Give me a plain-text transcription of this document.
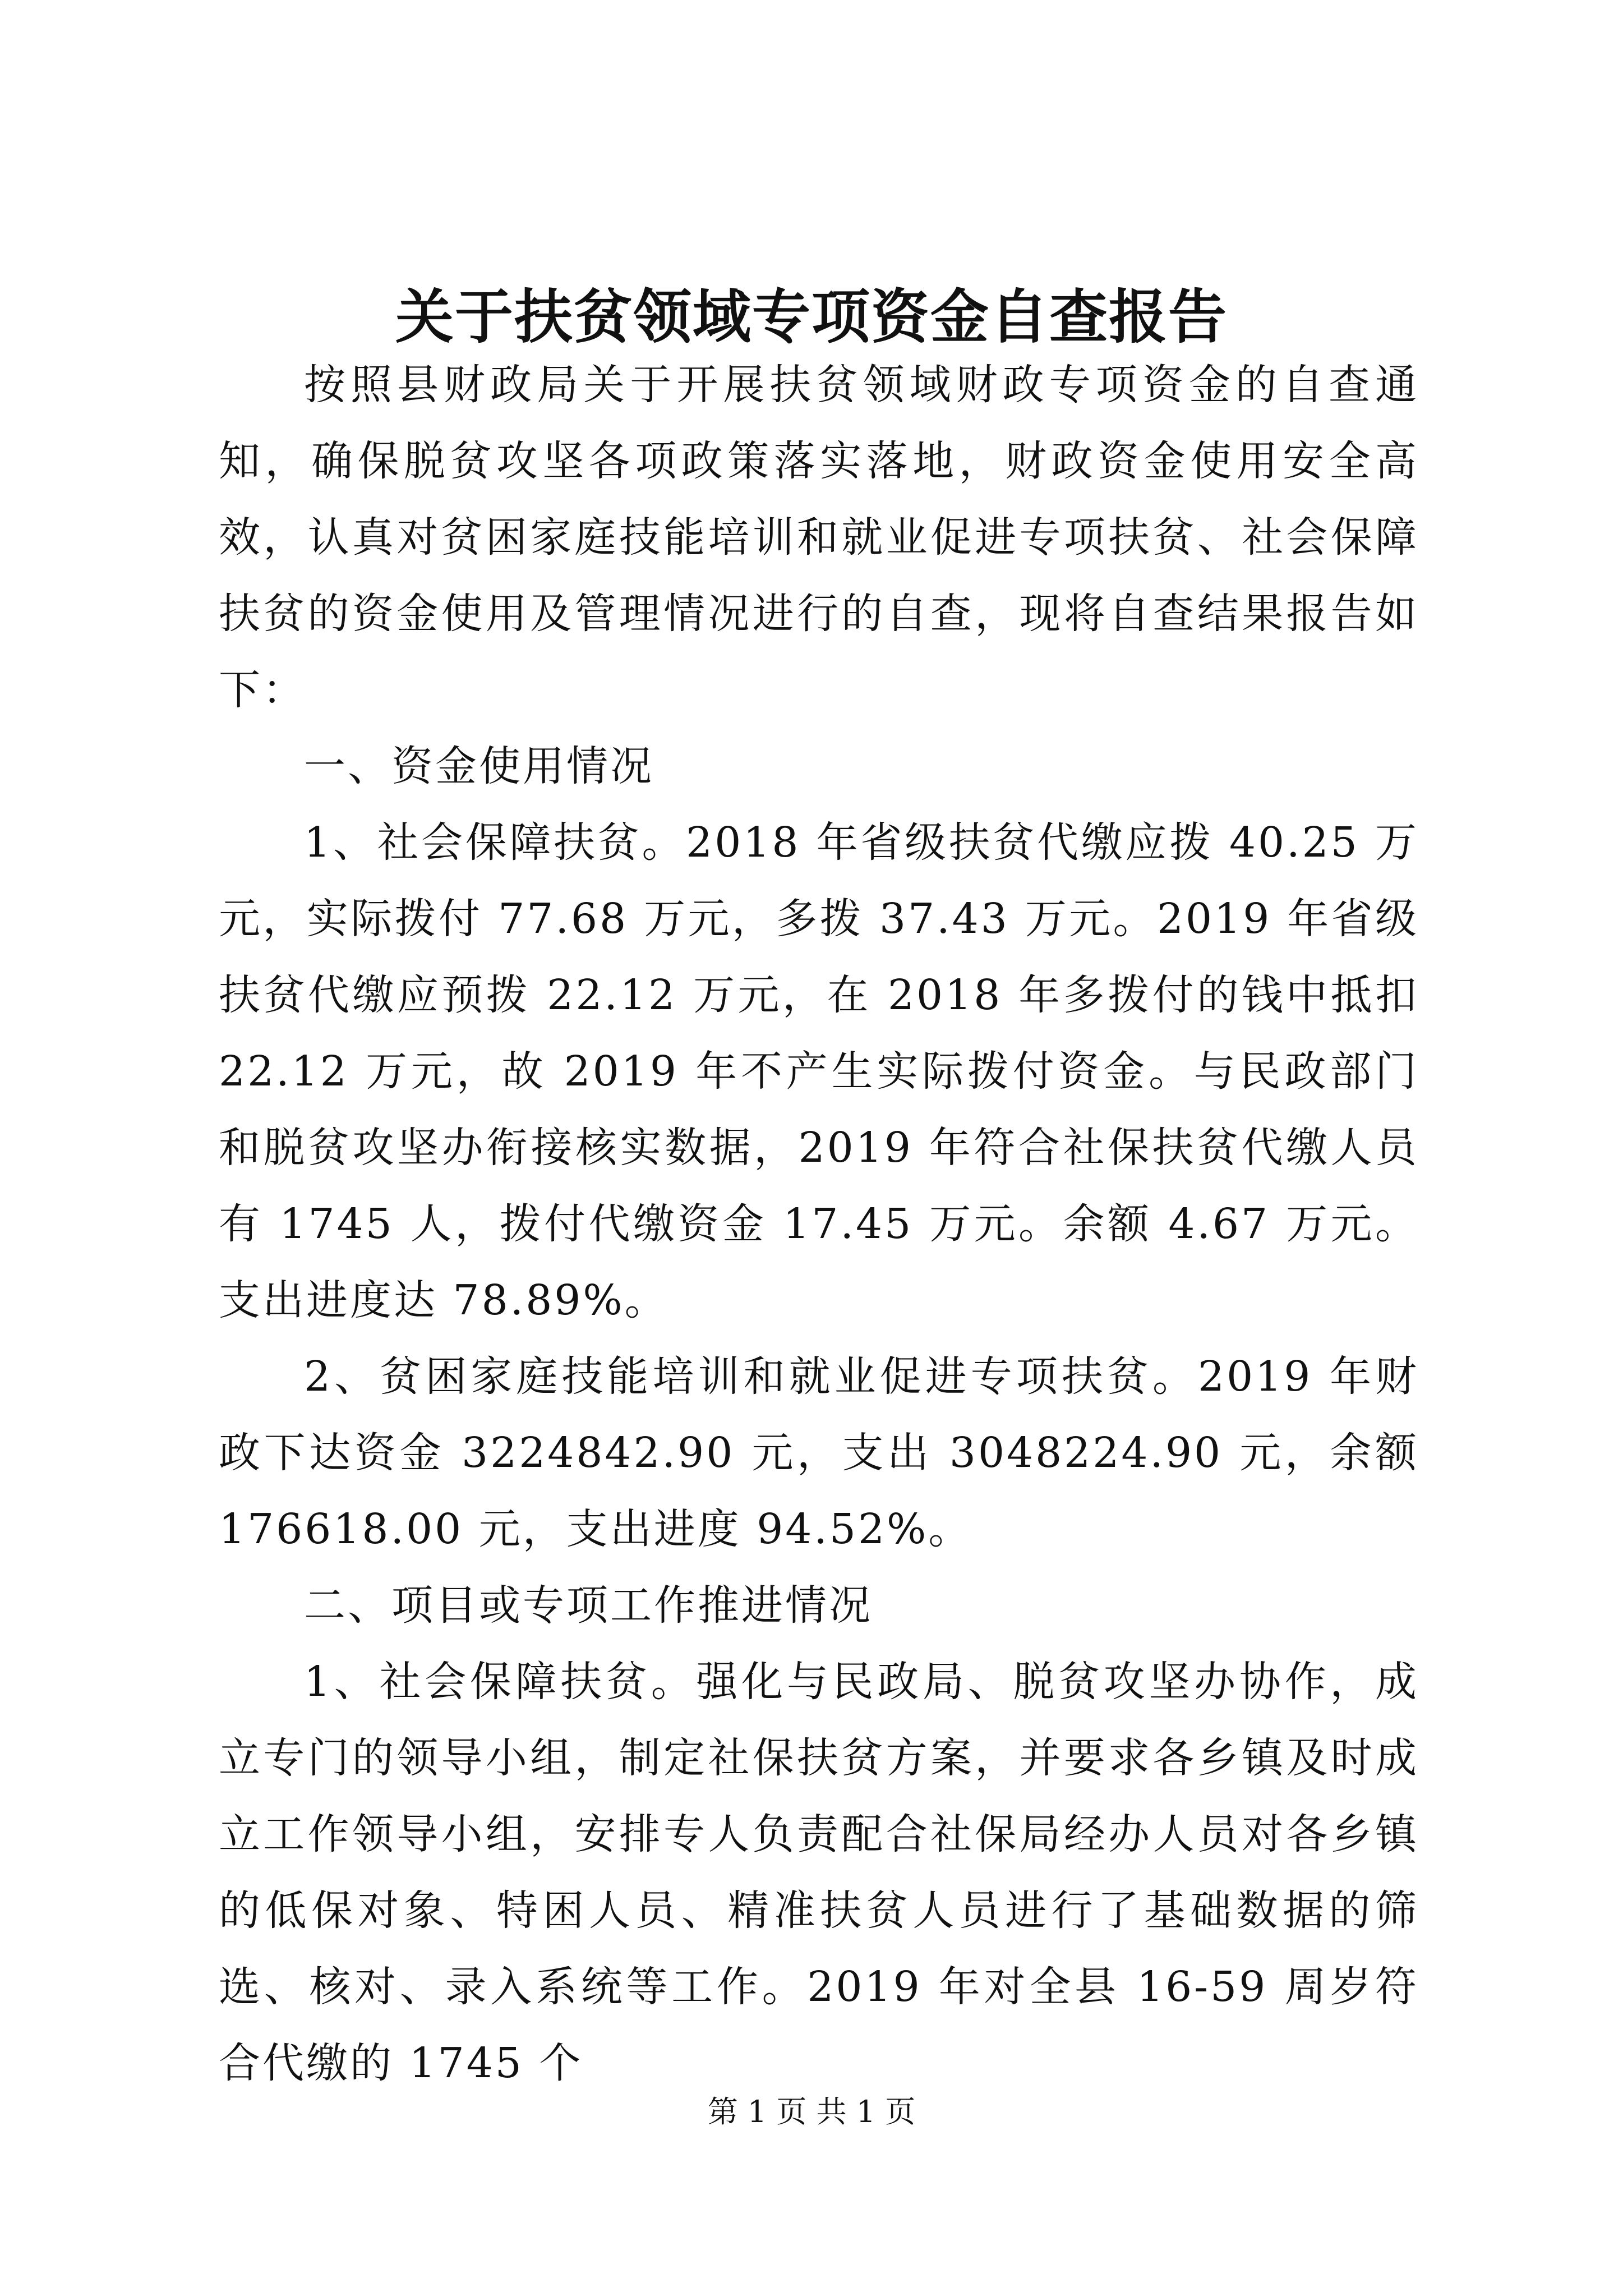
关于扶贫领域专项资金自查报告

按照县财政局关于开展扶贫领域财政专项资金的自查通知，确保脱贫攻坚各项政策落实落地，财政资金使用安全高效，认真对贫困家庭技能培训和就业促进专项扶贫、社会保障扶贫的资金使用及管理情况进行的自查，现将自查结果报告如下：

一、资金使用情况

1、社会保障扶贫。2018 年省级扶贫代缴应拨 40.25 万元，实际拨付 77.68 万元，多拨 37.43 万元。2019 年省级扶贫代缴应预拨 22.12 万元，在 2018 年多拨付的钱中抵扣 22.12 万元，故 2019 年不产生实际拨付资金。与民政部门和脱贫攻坚办衔接核实数据，2019 年符合社保扶贫代缴人员有 1745 人，拨付代缴资金 17.45 万元。余额 4.67 万元。支出进度达 78.89%。

2、贫困家庭技能培训和就业促进专项扶贫。2019 年财政下达资金 3224842.90 元，支出 3048224.90 元，余额 176618.00 元，支出进度 94.52%。

二、项目或专项工作推进情况

1、社会保障扶贫。强化与民政局、脱贫攻坚办协作，成立专门的领导小组，制定社保扶贫方案，并要求各乡镇及时成立工作领导小组，安排专人负责配合社保局经办人员对各乡镇的低保对象、特困人员、精准扶贫人员进行了基础数据的筛选、核对、录入系统等工作。2019 年对全县 16-59 周岁符合代缴的 1745 个

第 1 页 共 1 页
